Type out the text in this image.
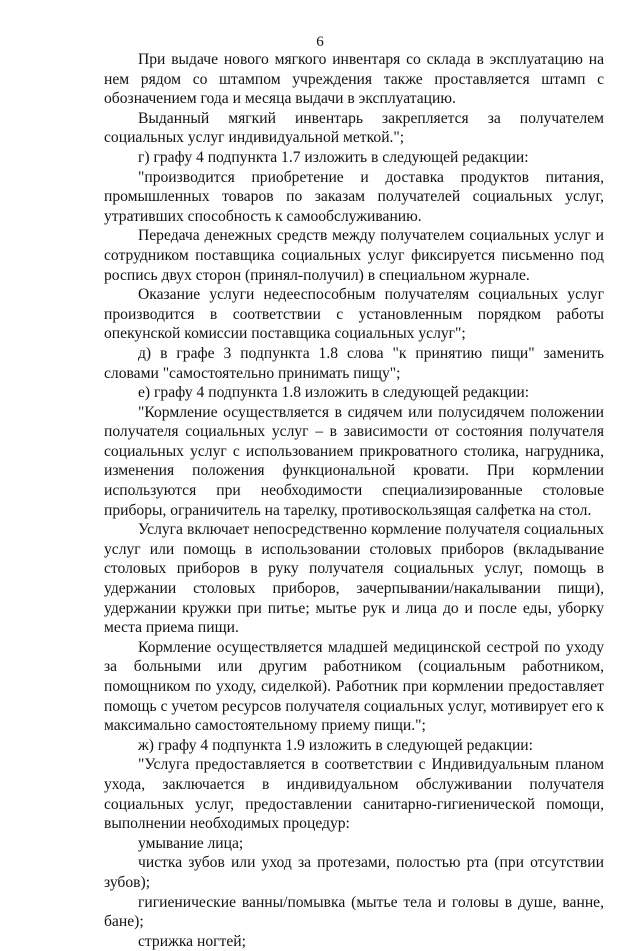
6

При выдаче нового мягкого инвентаря со склада в эксплуатацию на нем рядом со штампом учреждения также проставляется штамп с обозначением года и месяца выдачи в эксплуатацию.

Выданный мягкий инвентарь закрепляется за получателем социальных услуг индивидуальной меткой.";

г) графу 4 подпункта 1.7 изложить в следующей редакции:

"производится приобретение и доставка продуктов питания, промышленных товаров по заказам получателей социальных услуг, утративших способность к самообслуживанию.

Передача денежных средств между получателем социальных услуг и сотрудником поставщика социальных услуг фиксируется письменно под роспись двух сторон (принял-получил) в специальном журнале.

Оказание услуги недееспособным получателям социальных услуг производится в соответствии с установленным порядком работы опекунской комиссии поставщика социальных услуг";

д) в графе 3 подпункта 1.8 слова "к принятию пищи" заменить словами "самостоятельно принимать пищу";

е) графу 4 подпункта 1.8 изложить в следующей редакции:

"Кормление осуществляется в сидячем или полусидячем положении получателя социальных услуг – в зависимости от состояния получателя социальных услуг с использованием прикроватного столика, нагрудника, изменения положения функциональной кровати. При кормлении используются при необходимости специализированные столовые приборы, ограничитель на тарелку, противоскользящая салфетка на стол.

Услуга включает непосредственно кормление получателя социальных услуг или помощь в использовании столовых приборов (вкладывание столовых приборов в руку получателя социальных услуг, помощь в удержании столовых приборов, зачерпывании/накалывании пищи), удержании кружки при питье; мытье рук и лица до и после еды, уборку места приема пищи.

Кормление осуществляется младшей медицинской сестрой по уходу за больными или другим работником (социальным работником, помощником по уходу, сиделкой). Работник при кормлении предоставляет помощь с учетом ресурсов получателя социальных услуг, мотивирует его к максимально самостоятельному приему пищи.";

ж) графу 4 подпункта 1.9 изложить в следующей редакции:

"Услуга предоставляется в соответствии с Индивидуальным планом ухода, заключается в индивидуальном обслуживании получателя социальных услуг, предоставлении санитарно-гигиенической помощи, выполнении необходимых процедур:

умывание лица;

чистка зубов или уход за протезами, полостью рта (при отсутствии зубов);

гигиенические ванны/помывка (мытье тела и головы в душе, ванне, бане);

стрижка ногтей;
